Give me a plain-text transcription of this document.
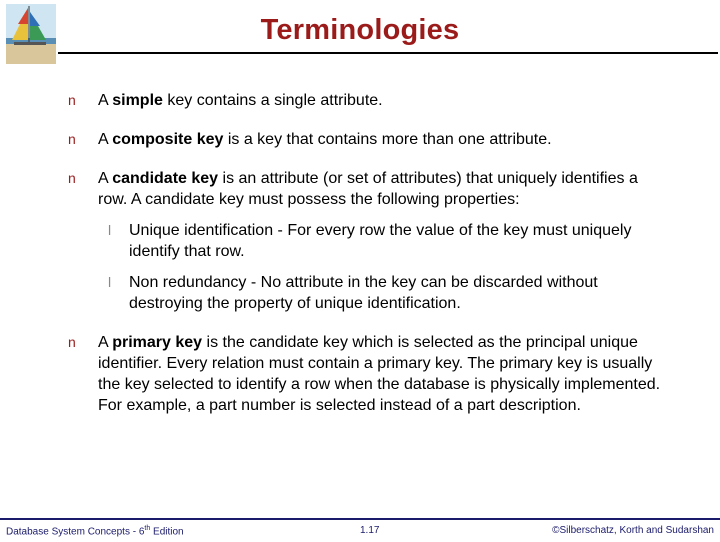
Terminologies
n A simple key contains a single attribute.
n A composite key is a key that contains more than one attribute.
n A candidate key is an attribute (or set of attributes) that uniquely identifies a row. A candidate key must possess the following properties:
l Unique identification - For every row the value of the key must uniquely identify that row.
l Non redundancy - No attribute in the key can be discarded without destroying the property of unique identification.
n A primary key is the candidate key which is selected as the principal unique identifier. Every relation must contain a primary key. The primary key is usually the key selected to identify a row when the database is physically implemented. For example, a part number is selected instead of a part description.
Database System Concepts - 6th Edition	1.17	©Silberschatz, Korth and Sudarshan
